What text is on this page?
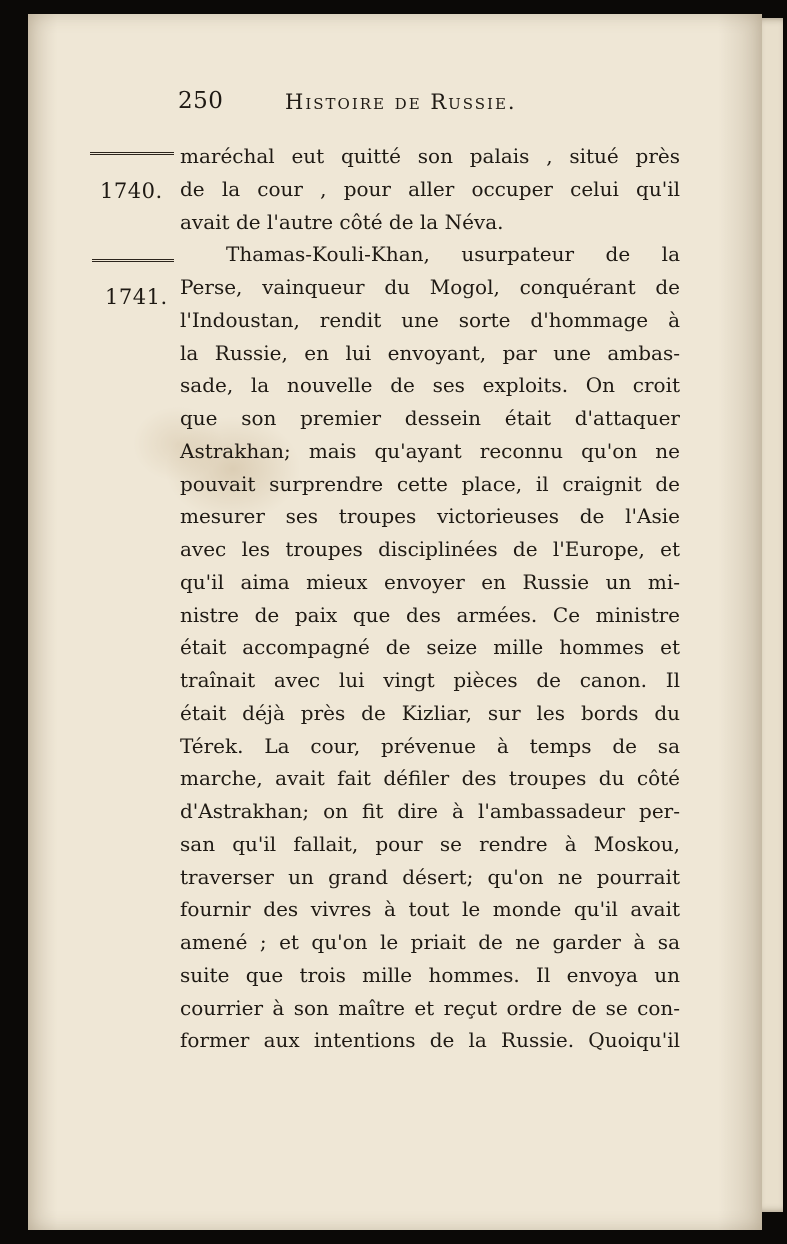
250	Histoire de Russie.
1740.
1741.
maréchal eut quitté son palais , situé près
de la cour , pour aller occuper celui qu'il
avait de l'autre côté de la Néva.
Thamas-Kouli-Khan, usurpateur de la
Perse, vainqueur du Mogol, conquérant de
l'Indoustan, rendit une sorte d'hommage à
la Russie, en lui envoyant, par une ambas-
sade, la nouvelle de ses exploits. On croit
que son premier dessein était d'attaquer
Astrakhan; mais qu'ayant reconnu qu'on ne
pouvait surprendre cette place, il craignit de
mesurer ses troupes victorieuses de l'Asie
avec les troupes disciplinées de l'Europe, et
qu'il aima mieux envoyer en Russie un mi-
nistre de paix que des armées. Ce ministre
était accompagné de seize mille hommes et
traînait avec lui vingt pièces de canon. Il
était déjà près de Kizliar, sur les bords du
Térek. La cour, prévenue à temps de sa
marche, avait fait défiler des troupes du côté
d'Astrakhan; on fit dire à l'ambassadeur per-
san qu'il fallait, pour se rendre à Moskou,
traverser un grand désert; qu'on ne pourrait
fournir des vivres à tout le monde qu'il avait
amené ; et qu'on le priait de ne garder à sa
suite que trois mille hommes. Il envoya un
courrier à son maître et reçut ordre de se con-
former aux intentions de la Russie. Quoiqu'il
